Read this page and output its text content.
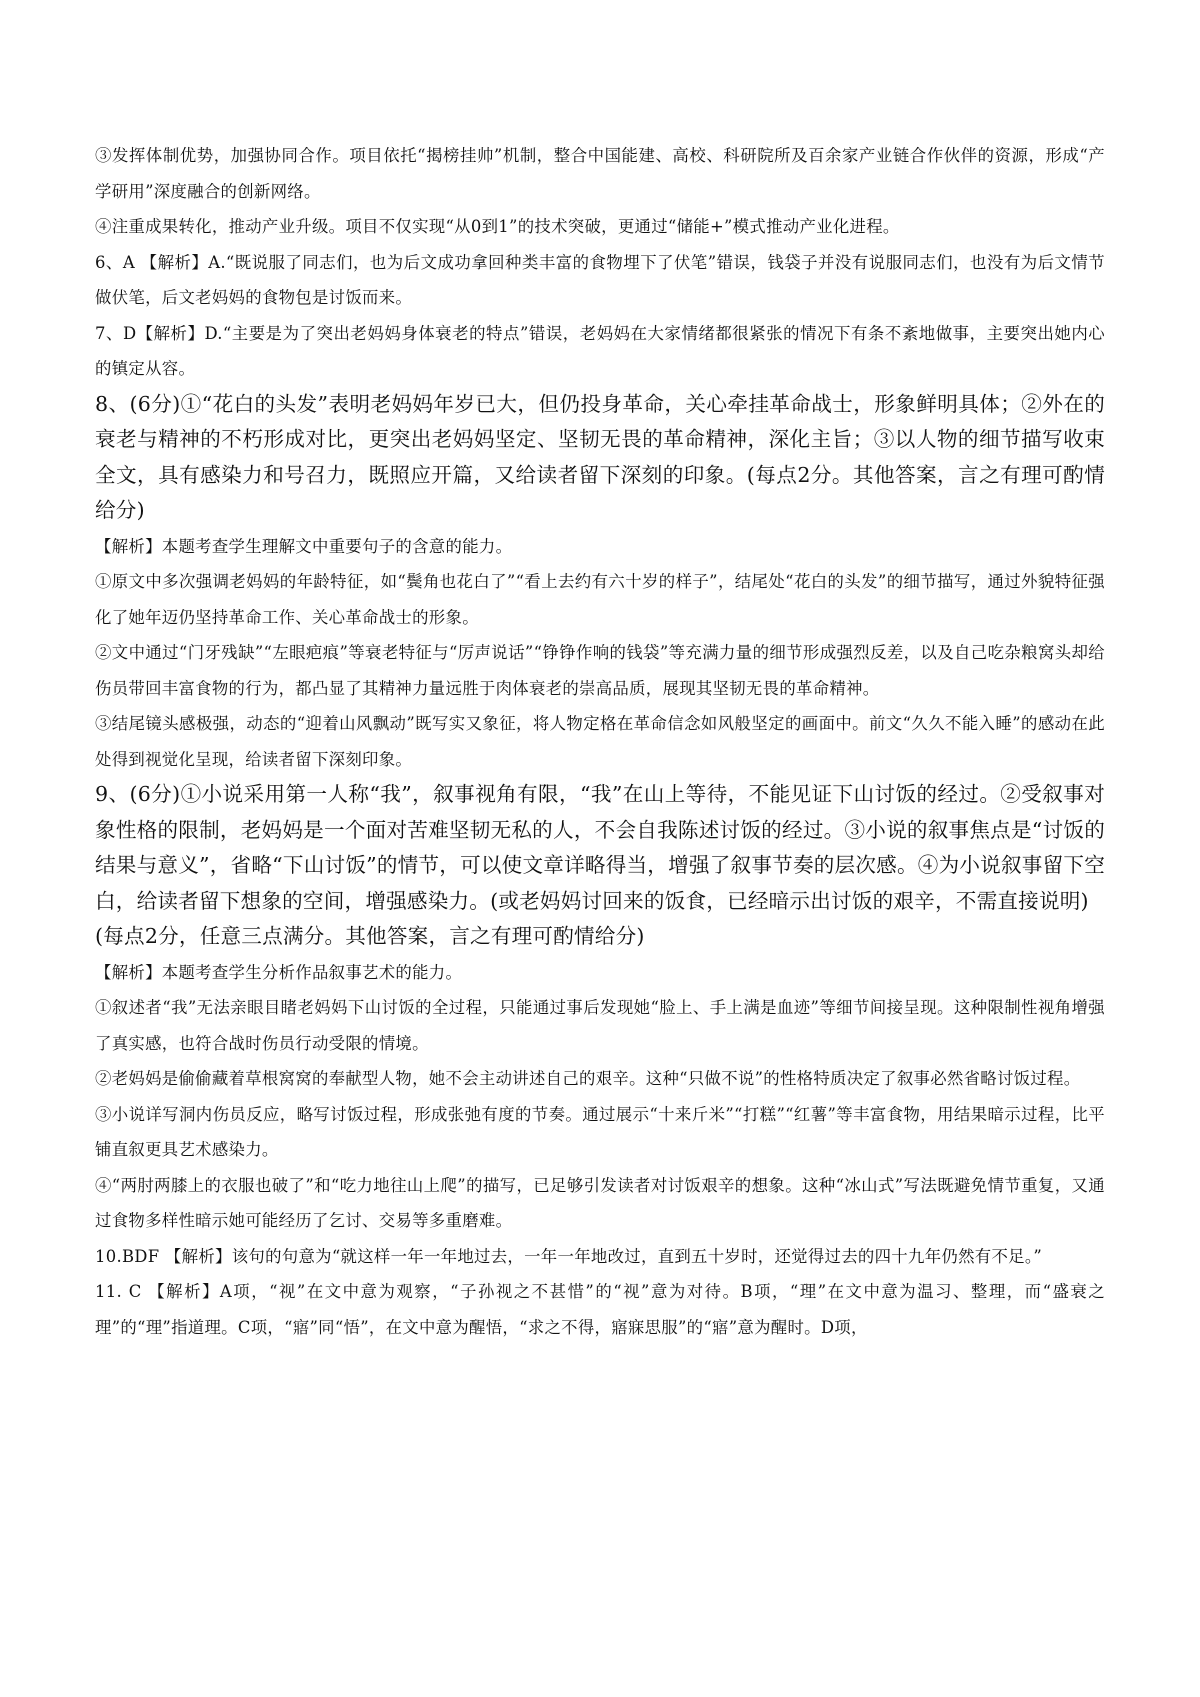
③发挥体制优势，加强协同合作。项目依托“揭榜挂帅”机制，整合中国能建、高校、科研院所及百余家产业链合作伙伴的资源，形成“产学研用”深度融合的创新网络。

④注重成果转化，推动产业升级。项目不仅实现“从0到1”的技术突破，更通过“储能+”模式推动产业化进程。

6、A 【解析】A.“既说服了同志们，也为后文成功拿回种类丰富的食物埋下了伏笔”错误，钱袋子并没有说服同志们，也没有为后文情节做伏笔，后文老妈妈的食物包是讨饭而来。

7、D【解析】D.“主要是为了突出老妈妈身体衰老的特点”错误，老妈妈在大家情绪都很紧张的情况下有条不紊地做事，主要突出她内心的镇定从容。

8、(6分)①“花白的头发”表明老妈妈年岁已大，但仍投身革命，关心牵挂革命战士，形象鲜明具体；②外在的衰老与精神的不朽形成对比，更突出老妈妈坚定、坚韧无畏的革命精神，深化主旨；③以人物的细节描写收束全文，具有感染力和号召力，既照应开篇，又给读者留下深刻的印象。(每点2分。其他答案，言之有理可酌情给分)

【解析】本题考查学生理解文中重要句子的含意的能力。

①原文中多次强调老妈妈的年龄特征，如“鬓角也花白了”“看上去约有六十岁的样子”，结尾处“花白的头发”的细节描写，通过外貌特征强化了她年迈仍坚持革命工作、关心革命战士的形象。

②文中通过“门牙残缺”“左眼疤痕”等衰老特征与“厉声说话”“铮铮作响的钱袋”等充满力量的细节形成强烈反差，以及自己吃杂粮窝头却给伤员带回丰富食物的行为，都凸显了其精神力量远胜于肉体衰老的崇高品质，展现其坚韧无畏的革命精神。

③结尾镜头感极强，动态的“迎着山风飘动”既写实又象征，将人物定格在革命信念如风般坚定的画面中。前文“久久不能入睡”的感动在此处得到视觉化呈现，给读者留下深刻印象。

9、(6分)①小说采用第一人称“我”，叙事视角有限，“我”在山上等待，不能见证下山讨饭的经过。②受叙事对象性格的限制，老妈妈是一个面对苦难坚韧无私的人，不会自我陈述讨饭的经过。③小说的叙事焦点是“讨饭的结果与意义”，省略“下山讨饭”的情节，可以使文章详略得当，增强了叙事节奏的层次感。④为小说叙事留下空白，给读者留下想象的空间，增强感染力。(或老妈妈讨回来的饭食，已经暗示出讨饭的艰辛，不需直接说明)

(每点2分，任意三点满分。其他答案，言之有理可酌情给分)

【解析】本题考查学生分析作品叙事艺术的能力。

①叙述者“我”无法亲眼目睹老妈妈下山讨饭的全过程，只能通过事后发现她“脸上、手上满是血迹”等细节间接呈现。这种限制性视角增强了真实感，也符合战时伤员行动受限的情境。

②老妈妈是偷偷藏着草根窝窝的奉献型人物，她不会主动讲述自己的艰辛。这种“只做不说”的性格特质决定了叙事必然省略讨饭过程。

③小说详写洞内伤员反应，略写讨饭过程，形成张弛有度的节奏。通过展示“十来斤米”“打糕”“红薯”等丰富食物，用结果暗示过程，比平铺直叙更具艺术感染力。

④“两肘两膝上的衣服也破了”和“吃力地往山上爬”的描写，已足够引发读者对讨饭艰辛的想象。这种“冰山式”写法既避免情节重复，又通过食物多样性暗示她可能经历了乞讨、交易等多重磨难。

10.BDF 【解析】该句的句意为“就这样一年一年地过去，一年一年地改过，直到五十岁时，还觉得过去的四十九年仍然有不足。”

11. C 【解析】A项，“视”在文中意为观察，“子孙视之不甚惜”的“视”意为对待。B项，“理”在文中意为温习、整理，而“盛衰之理”的“理”指道理。C项，“寤”同“悟”，在文中意为醒悟，“求之不得，寤寐思服”的“寤”意为醒时。D项，
